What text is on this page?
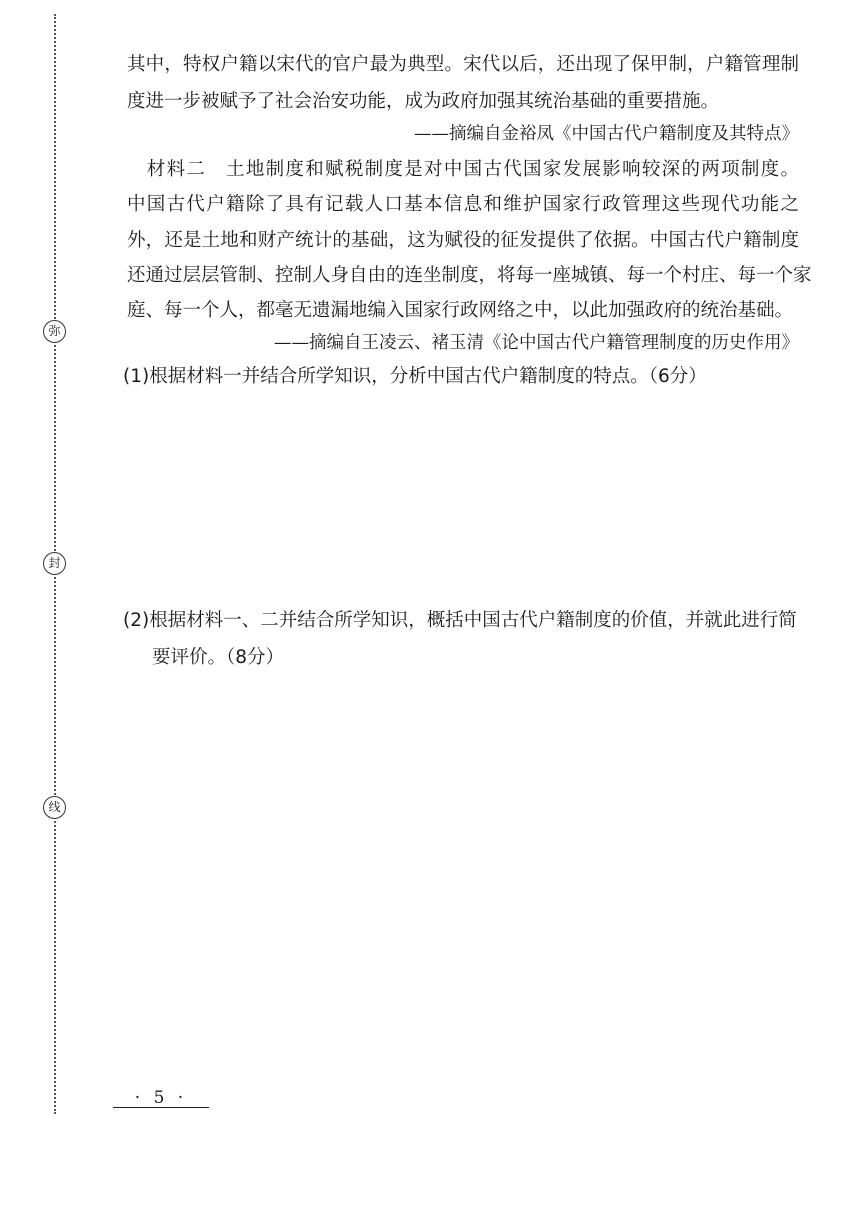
弥
封
线
其中，特权户籍以宋代的官户最为典型。宋代以后，还出现了保甲制，户籍管理制
度进一步被赋予了社会治安功能，成为政府加强其统治基础的重要措施。
——摘编自金裕凤《中国古代户籍制度及其特点》
　材料二　土地制度和赋税制度是对中国古代国家发展影响较深的两项制度。
中国古代户籍除了具有记载人口基本信息和维护国家行政管理这些现代功能之
外，还是土地和财产统计的基础，这为赋役的征发提供了依据。中国古代户籍制度
还通过层层管制、控制人身自由的连坐制度，将每一座城镇、每一个村庄、每一个家
庭、每一个人，都毫无遗漏地编入国家行政网络之中，以此加强政府的统治基础。
——摘编自王凌云、褚玉清《论中国古代户籍管理制度的历史作用》
(1)根据材料一并结合所学知识，分析中国古代户籍制度的特点。（6分）
(2)根据材料一、二并结合所学知识，概括中国古代户籍制度的价值，并就此进行简
要评价。（8分）
· 5 ·
